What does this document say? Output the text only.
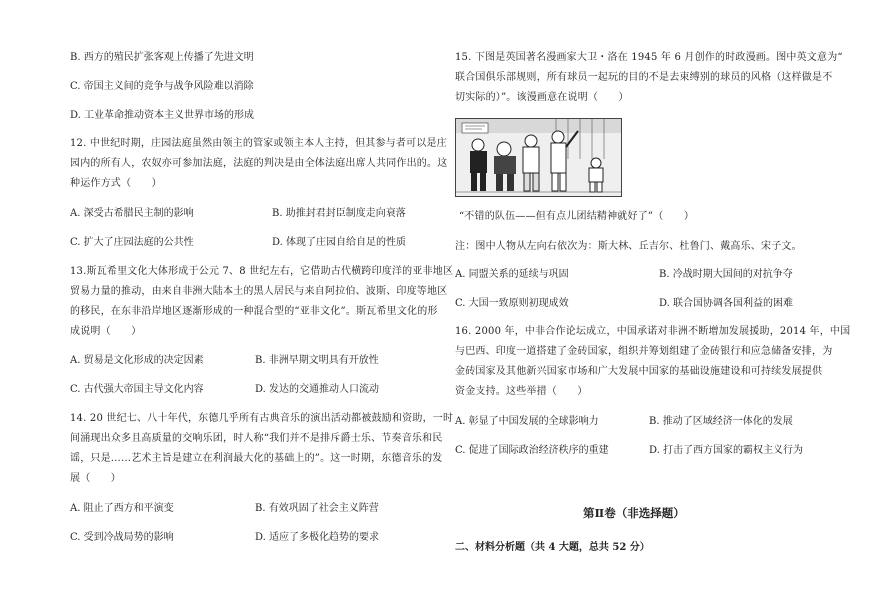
B. 西方的殖民扩张客观上传播了先进文明
C. 帝国主义间的竞争与战争风险难以消除
D. 工业革命推动资本主义世界市场的形成
12. 中世纪时期，庄园法庭虽然由领主的管家或领主本人主持，但其参与者可以是庄
园内的所有人，农奴亦可参加法庭，法庭的判决是由全体法庭出席人共同作出的。这
种运作方式（　　）
A. 深受古希腊民主制的影响	B. 助推封君封臣制度走向衰落
C. 扩大了庄园法庭的公共性	D. 体现了庄园自给自足的性质
13.斯瓦希里文化大体形成于公元 7、8 世纪左右，它借助古代横跨印度洋的亚非地区
贸易力量的推动，由来自非洲大陆本土的黑人居民与来自阿拉伯、波斯、印度等地区
的移民，在东非沿岸地区逐渐形成的一种混合型的“亚非文化”。斯瓦希里文化的形
成说明（　　）
A. 贸易是文化形成的决定因素	B. 非洲早期文明具有开放性
C. 古代强大帝国主导文化内容	D. 发达的交通推动人口流动
14. 20 世纪七、八十年代，东德几乎所有古典音乐的演出活动都被鼓励和资助，一时
间涌现出众多且高质量的交响乐团，时人称“我们并不是排斥爵士乐、节奏音乐和民
谣，只是……艺术主旨是建立在利润最大化的基础上的”。这一时期，东德音乐的发
展（　　）
A. 阻止了西方和平演变	B. 有效巩固了社会主义阵营
C. 受到冷战局势的影响	D. 适应了多极化趋势的要求
15. 下图是英国著名漫画家大卫・洛在 1945 年 6 月创作的时政漫画。图中英文意为“
联合国俱乐部规则，所有球员一起玩的目的不是去束缚别的球员的风格（这样做是不
切实际的）”。该漫画意在说明（　　）
“不错的队伍——但有点儿团结精神就好了”（　　）
注：图中人物从左向右依次为：斯大林、丘吉尔、杜鲁门、戴高乐、宋子文。
A. 同盟关系的延续与巩固	B. 冷战时期大国间的对抗争夺
C. 大国一致原则初现成效	D. 联合国协调各国利益的困难
16. 2000 年，中非合作论坛成立，中国承诺对非洲不断增加发展援助，2014 年，中国
与巴西、印度一道搭建了金砖国家，组织并筹划组建了金砖银行和应急储备安排，为
金砖国家及其他新兴国家市场和广大发展中国家的基础设施建设和可持续发展提供
资金支持。这些举措（　　）
A. 彰显了中国发展的全球影响力	B. 推动了区域经济一体化的发展
C. 促进了国际政治经济秩序的重建	D. 打击了西方国家的霸权主义行为
第Ⅱ卷（非选择题）
二、材料分析题（共 4 大题，总共 52 分）
